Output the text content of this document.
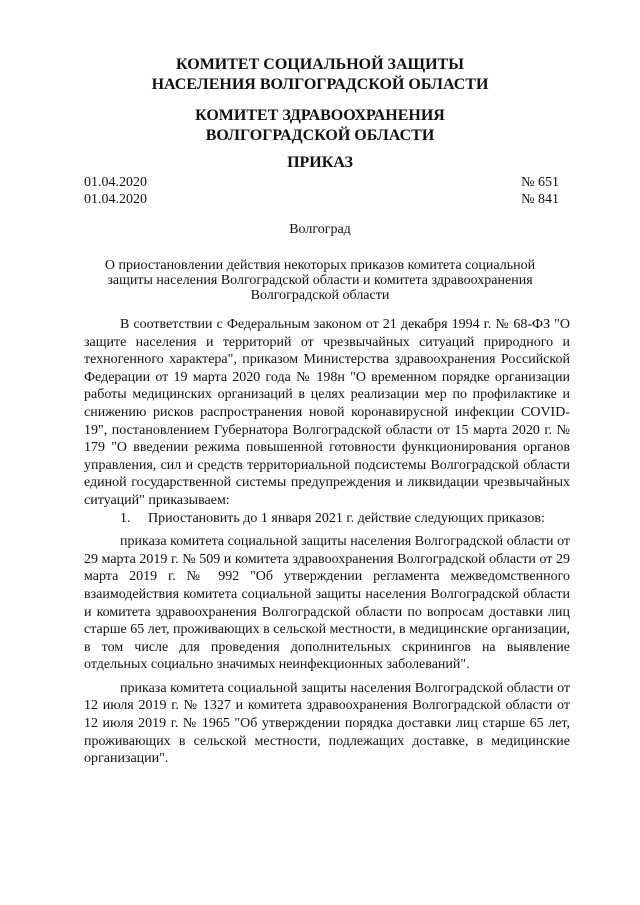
КОМИТЕТ СОЦИАЛЬНОЙ ЗАЩИТЫ
НАСЕЛЕНИЯ ВОЛГОГРАДСКОЙ ОБЛАСТИ
КОМИТЕТ ЗДРАВООХРАНЕНИЯ
ВОЛГОГРАДСКОЙ ОБЛАСТИ
ПРИКАЗ
01.04.2020	№ 651
01.04.2020	№ 841
Волгоград
О приостановлении действия некоторых приказов комитета социальной
защиты населения Волгоградской области и комитета здравоохранения
Волгоградской области

В соответствии с Федеральным законом от 21 декабря 1994 г. № 68-ФЗ "О защите населения и территорий от чрезвычайных ситуаций природного и техногенного характера", приказом Министерства здравоохранения Российской Федерации от 19 марта 2020 года № 198н "О временном порядке организации работы медицинских организаций в целях реализации мер по профилактике и снижению рисков распространения новой коронавирусной инфекции COVID-19", постановлением Губернатора Волгоградской области от 15 марта 2020 г. № 179 "О введении режима повышенной готовности функционирования органов управления, сил и средств территориальной подсистемы Волгоградской области единой государственной системы предупреждения и ликвидации чрезвычайных ситуаций" приказываем:

1.     Приостановить до 1 января 2021 г. действие следующих приказов:

приказа комитета социальной защиты населения Волгоградской области от 29 марта 2019 г. № 509 и комитета здравоохранения Волгоградской области от 29 марта 2019 г. № 992 "Об утверждении регламента межведомственного взаимодействия комитета социальной защиты населения Волгоградской области и комитета здравоохранения Волгоградской области по вопросам доставки лиц старше 65 лет, проживающих в сельской местности, в медицинские организации, в том числе для проведения дополнительных скринингов на выявление отдельных социально значимых неинфекционных заболеваний".

приказа комитета социальной защиты населения Волгоградской области от 12 июля 2019 г. № 1327 и комитета здравоохранения Волгоградской области от 12 июля 2019 г. № 1965 "Об утверждении порядка доставки лиц старше 65 лет, проживающих в сельской местности, подлежащих доставке, в медицинские организации".
